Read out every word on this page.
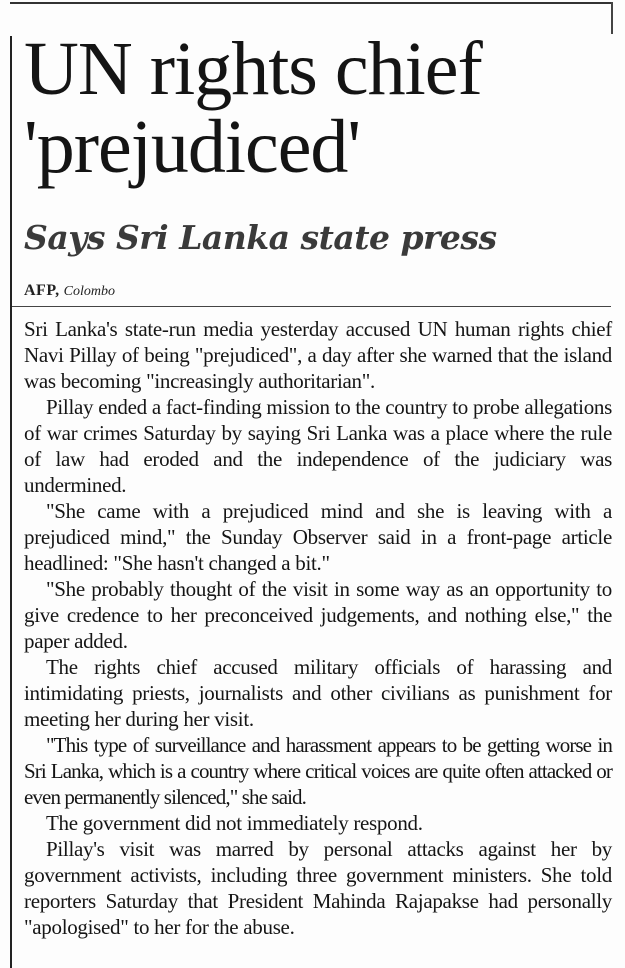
UN rights chief 'prejudiced'
Says Sri Lanka state press
AFP, Colombo

Sri Lanka's state-run media yesterday accused UN human rights chief Navi Pillay of being "prejudiced", a day after she warned that the island was becoming "increasingly authoritarian".

Pillay ended a fact-finding mission to the country to probe allegations of war crimes Saturday by saying Sri Lanka was a place where the rule of law had eroded and the independence of the judiciary was undermined.

"She came with a prejudiced mind and she is leaving with a prejudiced mind," the Sunday Observer said in a front-page article headlined: "She hasn't changed a bit."

"She probably thought of the visit in some way as an opportunity to give credence to her preconceived judgements, and nothing else," the paper added.

The rights chief accused military officials of harassing and intimidating priests, journalists and other civilians as punishment for meeting her during her visit.

"This type of surveillance and harassment appears to be getting worse in Sri Lanka, which is a country where critical voices are quite often attacked or even permanently silenced," she said.

The government did not immediately respond.

Pillay's visit was marred by personal attacks against her by government activists, including three government ministers. She told reporters Saturday that President Mahinda Rajapakse had personally "apologised" to her for the abuse.
